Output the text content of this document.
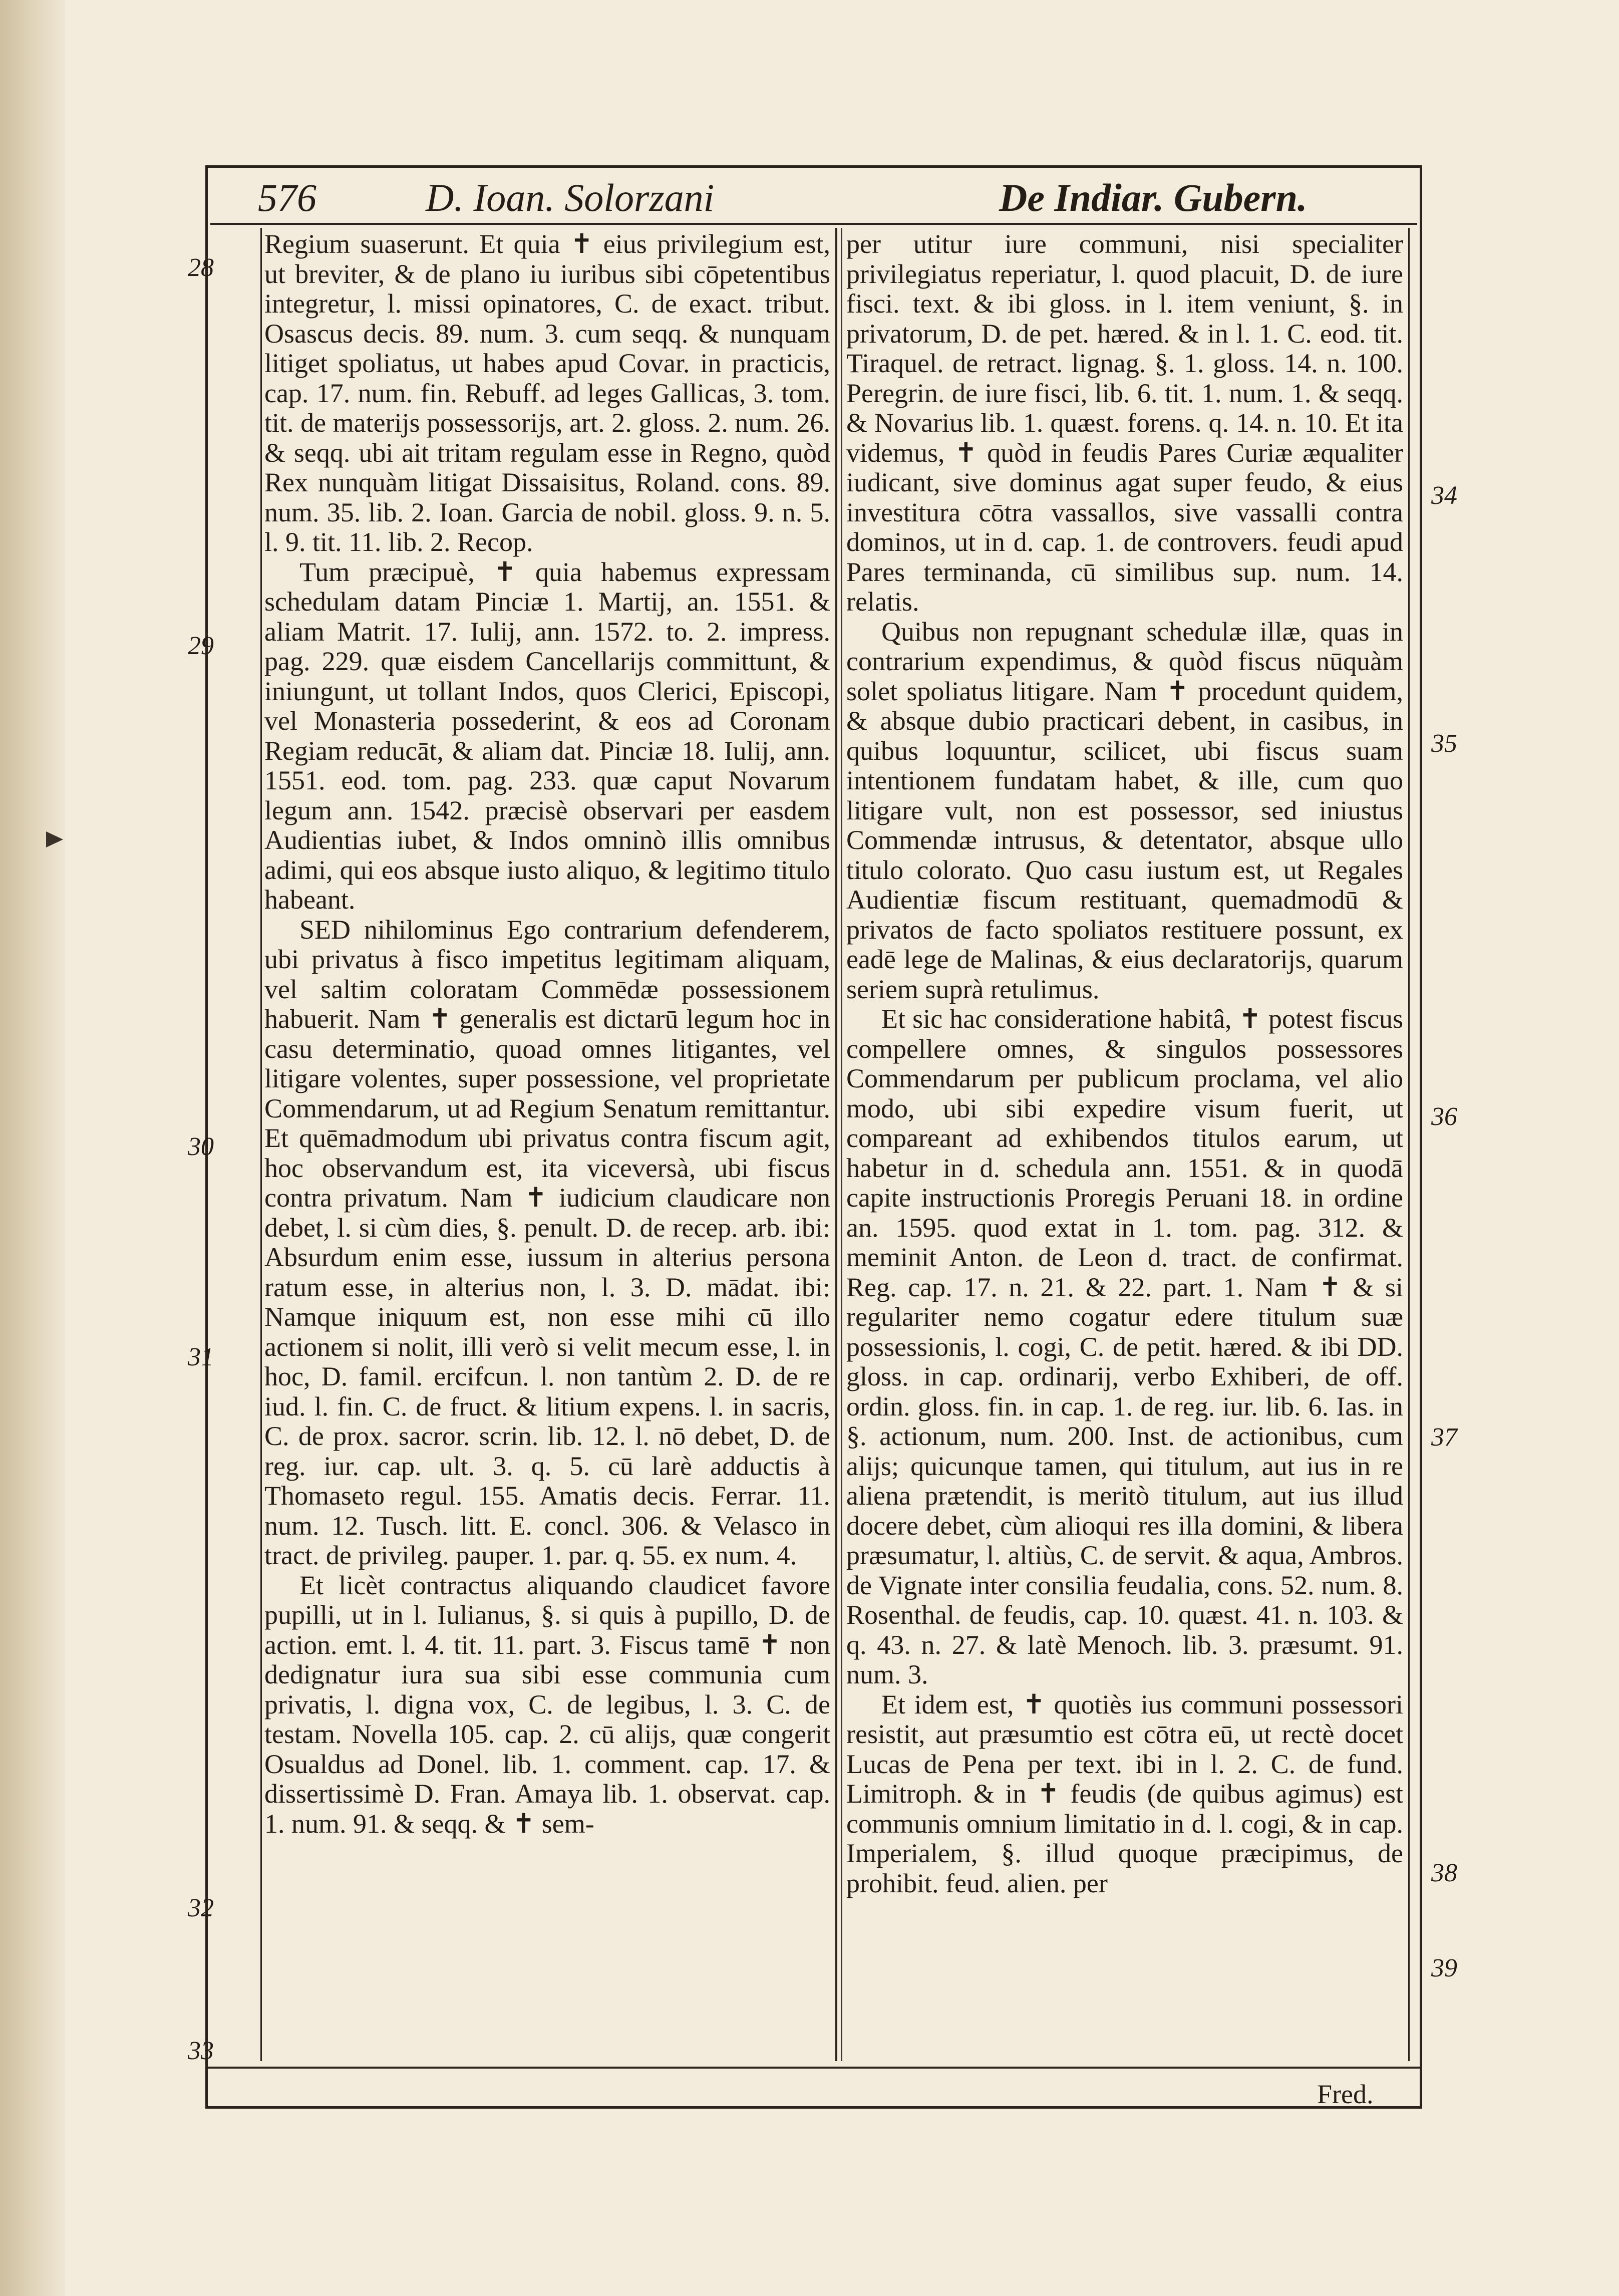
576	D. Ioan. Solorzani	De Indiar. Gubern.
28
29
30
31
32
33
34
35
36
37
38
39

Regium suaserunt. Et quia ✝ eius privilegium est, ut breviter, & de plano iu iuribus sibi cōpetentibus integretur, l. missi opinatores, C. de exact. tribut. Osascus decis. 89. num. 3. cum seqq. & nunquam litiget spoliatus, ut habes apud Covar. in practicis, cap. 17. num. fin. Rebuff. ad leges Gallicas, 3. tom. tit. de materijs possessorijs, art. 2. gloss. 2. num. 26. & seqq. ubi ait tritam regulam esse in Regno, quòd Rex nunquàm litigat Dissaisitus, Roland. cons. 89. num. 35. lib. 2. Ioan. Garcia de nobil. gloss. 9. n. 5. l. 9. tit. 11. lib. 2. Recop.

Tum præcipuè, ✝ quia habemus expressam schedulam datam Pinciæ 1. Martij, an. 1551. & aliam Matrit. 17. Iulij, ann. 1572. to. 2. impress. pag. 229. quæ eisdem Cancellarijs committunt, & iniungunt, ut tollant Indos, quos Clerici, Episcopi, vel Monasteria possederint, & eos ad Coronam Regiam reducāt, & aliam dat. Pinciæ 18. Iulij, ann. 1551. eod. tom. pag. 233. quæ caput Novarum legum ann. 1542. præcisè observari per easdem Audientias iubet, & Indos omninò illis omnibus adimi, qui eos absque iusto aliquo, & legitimo titulo habeant.

SED nihilominus Ego contrarium defenderem, ubi privatus à fisco impetitus legitimam aliquam, vel saltim coloratam Commēdæ possessionem habuerit. Nam ✝ generalis est dictarū legum hoc in casu determinatio, quoad omnes litigantes, vel litigare volentes, super possessione, vel proprietate Commendarum, ut ad Regium Senatum remittantur. Et quēmadmodum ubi privatus contra fiscum agit, hoc observandum est, ita viceversà, ubi fiscus contra privatum. Nam ✝ iudicium claudicare non debet, l. si cùm dies, §. penult. D. de recep. arb. ibi: Absurdum enim esse, iussum in alterius persona ratum esse, in alterius non, l. 3. D. mādat. ibi: Namque iniquum est, non esse mihi cū illo actionem si nolit, illi verò si velit mecum esse, l. in hoc, D. famil. ercifcun. l. non tantùm 2. D. de re iud. l. fin. C. de fruct. & litium expens. l. in sacris, C. de prox. sacror. scrin. lib. 12. l. nō debet, D. de reg. iur. cap. ult. 3. q. 5. cū larè adductis à Thomaseto regul. 155. Amatis decis. Ferrar. 11. num. 12. Tusch. litt. E. concl. 306. & Velasco in tract. de privileg. pauper. 1. par. q. 55. ex num. 4.

Et licèt contractus aliquando claudicet favore pupilli, ut in l. Iulianus, §. si quis à pupillo, D. de action. emt. l. 4. tit. 11. part. 3. Fiscus tamē ✝ non dedignatur iura sua sibi esse communia cum privatis, l. digna vox, C. de legibus, l. 3. C. de testam. Novella 105. cap. 2. cū alijs, quæ congerit Osualdus ad Donel. lib. 1. comment. cap. 17. & dissertissimè D. Fran. Amaya lib. 1. observat. cap. 1. num. 91. & seqq. & ✝ sem-

per utitur iure communi, nisi specialiter privilegiatus reperiatur, l. quod placuit, D. de iure fisci. text. & ibi gloss. in l. item veniunt, §. in privatorum, D. de pet. hæred. & in l. 1. C. eod. tit. Tiraquel. de retract. lignag. §. 1. gloss. 14. n. 100. Peregrin. de iure fisci, lib. 6. tit. 1. num. 1. & seqq. & Novarius lib. 1. quæst. forens. q. 14. n. 10. Et ita videmus, ✝ quòd in feudis Pares Curiæ æqualiter iudicant, sive dominus agat super feudo, & eius investitura cōtra vassallos, sive vassalli contra dominos, ut in d. cap. 1. de controvers. feudi apud Pares terminanda, cū similibus sup. num. 14. relatis.

Quibus non repugnant schedulæ illæ, quas in contrarium expendimus, & quòd fiscus nūquàm solet spoliatus litigare. Nam ✝ procedunt quidem, & absque dubio practicari debent, in casibus, in quibus loquuntur, scilicet, ubi fiscus suam intentionem fundatam habet, & ille, cum quo litigare vult, non est possessor, sed iniustus Commendæ intrusus, & detentator, absque ullo titulo colorato. Quo casu iustum est, ut Regales Audientiæ fiscum restituant, quemadmodū & privatos de facto spoliatos restituere possunt, ex eadē lege de Malinas, & eius declaratorijs, quarum seriem suprà retulimus.

Et sic hac consideratione habitâ, ✝ potest fiscus compellere omnes, & singulos possessores Commendarum per publicum proclama, vel alio modo, ubi sibi expedire visum fuerit, ut compareant ad exhibendos titulos earum, ut habetur in d. schedula ann. 1551. & in quodā capite instructionis Proregis Peruani 18. in ordine an. 1595. quod extat in 1. tom. pag. 312. & meminit Anton. de Leon d. tract. de confirmat. Reg. cap. 17. n. 21. & 22. part. 1. Nam ✝ & si regulariter nemo cogatur edere titulum suæ possessionis, l. cogi, C. de petit. hæred. & ibi DD. gloss. in cap. ordinarij, verbo Exhiberi, de off. ordin. gloss. fin. in cap. 1. de reg. iur. lib. 6. Ias. in §. actionum, num. 200. Inst. de actionibus, cum alijs; quicunque tamen, qui titulum, aut ius in re aliena prætendit, is meritò titulum, aut ius illud docere debet, cùm alioqui res illa domini, & libera præsumatur, l. altiùs, C. de servit. & aqua, Ambros. de Vignate inter consilia feudalia, cons. 52. num. 8. Rosenthal. de feudis, cap. 10. quæst. 41. n. 103. & q. 43. n. 27. & latè Menoch. lib. 3. præsumt. 91. num. 3.

Et idem est, ✝ quotiès ius communi possessori resistit, aut præsumtio est cōtra eū, ut rectè docet Lucas de Pena per text. ibi in l. 2. C. de fund. Limitroph. & in ✝ feudis (de quibus agimus) est communis omnium limitatio in d. l. cogi, & in cap. Imperialem, §. illud quoque præcipimus, de prohibit. feud. alien. per

Fred.
